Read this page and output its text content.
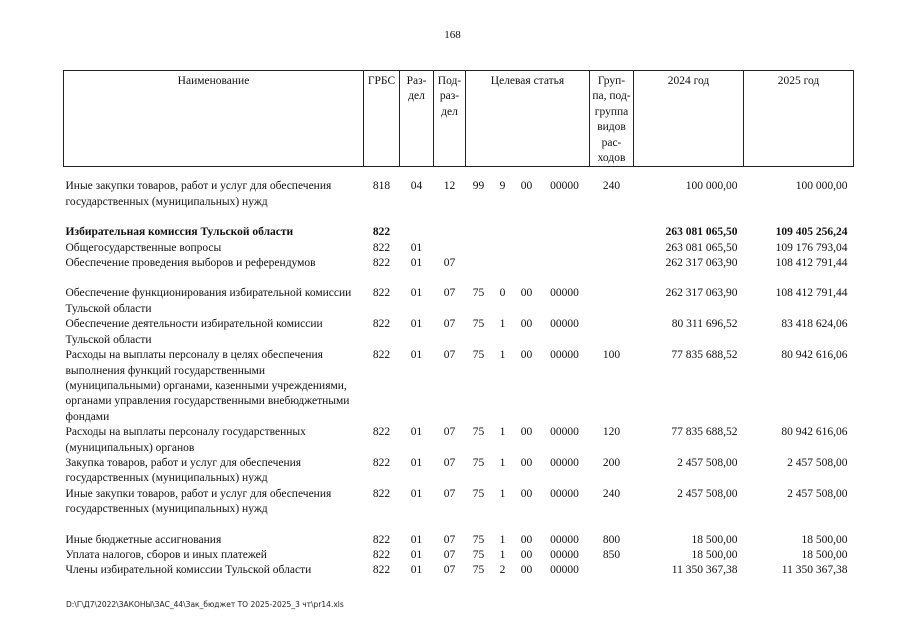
168
Наименование	ГРБС	Раз-дел	Под-раз-дел	Целевая статья				Груп-па, под-группа видов рас-ходов	2024 год	2025 год

Иные закупки товаров, работ и услуг для обеспечения государственных (муниципальных) нужд	818	04	12	99	9	00	00000	240	100 000,00	100 000,00

Избирательная комиссия Тульской области	822								263 081 065,50	109 405 256,24
Общегосударственные вопросы	822	01							263 081 065,50	109 176 793,04
Обеспечение проведения выборов и референдумов	822	01	07						262 317 063,90	108 412 791,44

Обеспечение функционирования избирательной комиссии Тульской области	822	01	07	75	0	00	00000		262 317 063,90	108 412 791,44
Обеспечение деятельности избирательной комиссии Тульской области	822	01	07	75	1	00	00000		80 311 696,52	83 418 624,06
Расходы на выплаты персоналу в целях обеспечения выполнения функций государственными (муниципальными) органами, казенными учреждениями, органами управления государственными внебюджетными фондами	822	01	07	75	1	00	00000	100	77 835 688,52	80 942 616,06
Расходы на выплаты персоналу государственных (муниципальных) органов	822	01	07	75	1	00	00000	120	77 835 688,52	80 942 616,06
Закупка товаров, работ и услуг для обеспечения государственных (муниципальных) нужд	822	01	07	75	1	00	00000	200	2 457 508,00	2 457 508,00
Иные закупки товаров, работ и услуг для обеспечения государственных (муниципальных) нужд	822	01	07	75	1	00	00000	240	2 457 508,00	2 457 508,00

Иные бюджетные ассигнования	822	01	07	75	1	00	00000	800	18 500,00	18 500,00
Уплата налогов, сборов и иных платежей	822	01	07	75	1	00	00000	850	18 500,00	18 500,00
Члены избирательной комиссии Тульской области	822	01	07	75	2	00	00000		11 350 367,38	11 350 367,38
D:\Г\Д7\2022\ЗАКОНЫ\ЗАС_44\Зак_бюджет ТО 2025-2025_3 чт\pr14.xls
